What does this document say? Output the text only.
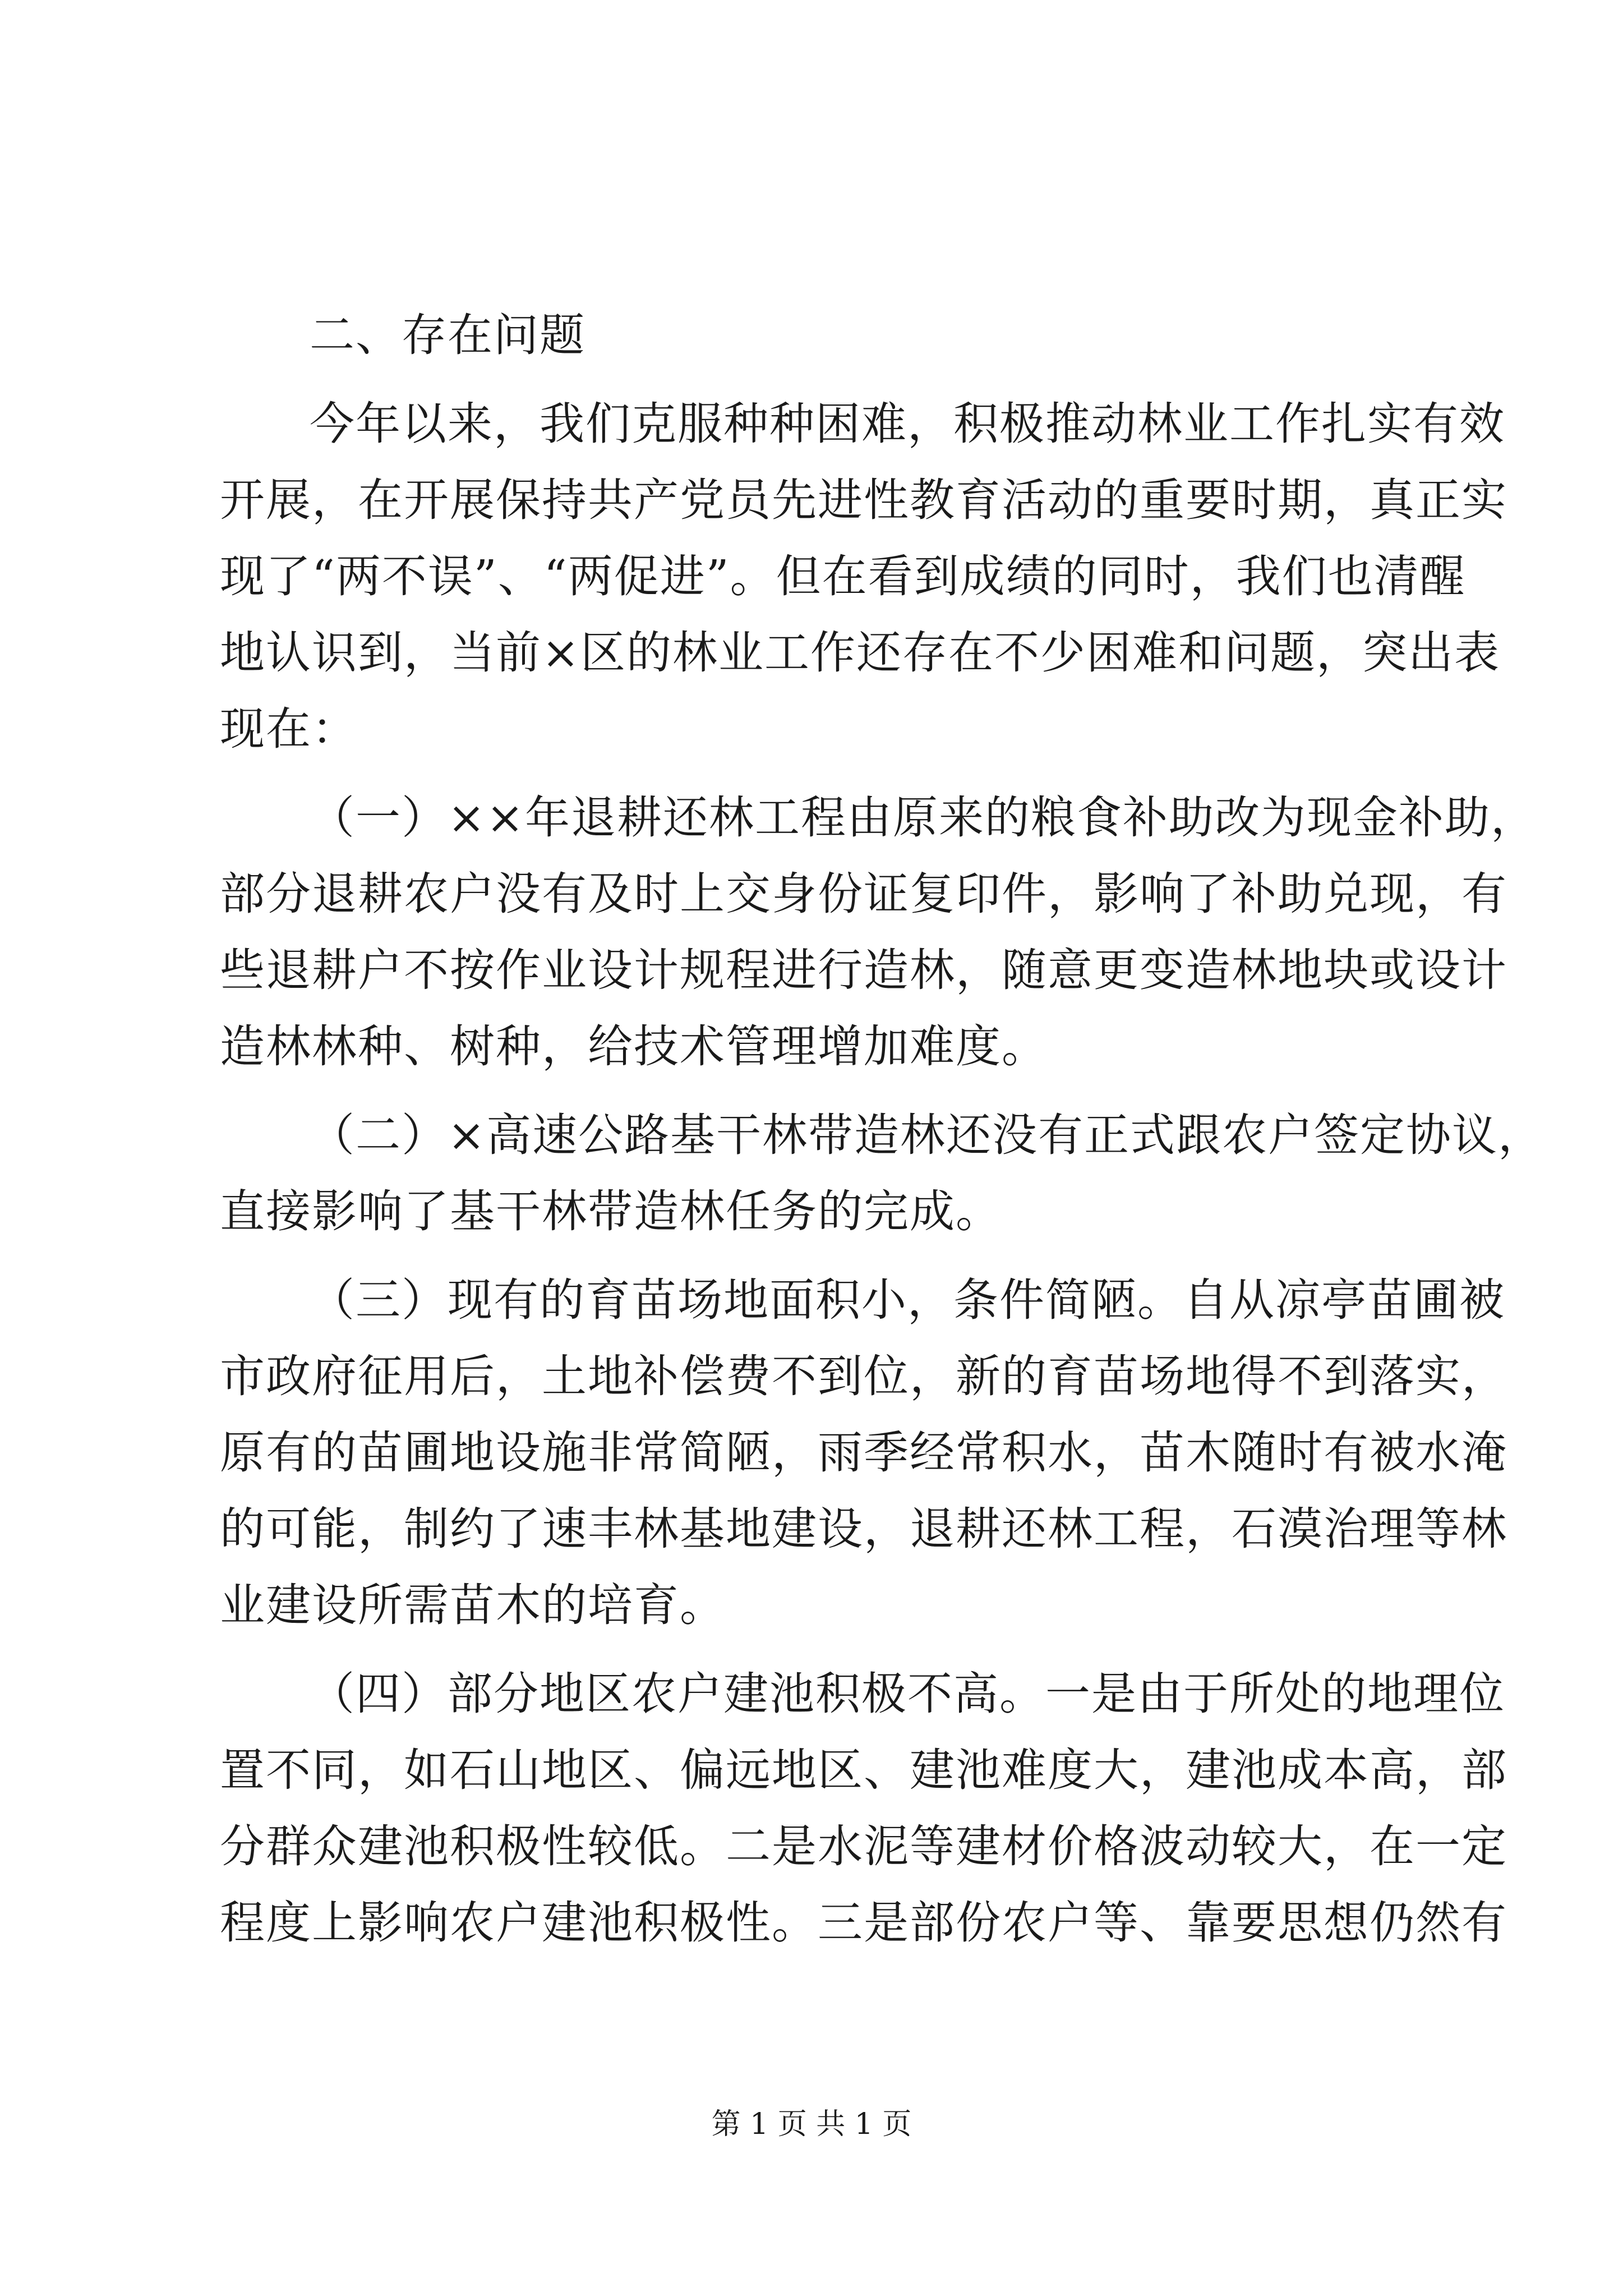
二、存在问题
今年以来，我们克服种种困难，积极推动林业工作扎实有效
开展，在开展保持共产党员先进性教育活动的重要时期，真正实
现了“两不误”、“两促进”。但在看到成绩的同时，我们也清醒
地认识到，当前×区的林业工作还存在不少困难和问题，突出表
现在：
（一）××年退耕还林工程由原来的粮食补助改为现金补助，
部分退耕农户没有及时上交身份证复印件，影响了补助兑现，有
些退耕户不按作业设计规程进行造林，随意更变造林地块或设计
造林林种、树种，给技术管理增加难度。
（二）×高速公路基干林带造林还没有正式跟农户签定协议，
直接影响了基干林带造林任务的完成。
（三）现有的育苗场地面积小，条件简陋。自从凉亭苗圃被
市政府征用后，土地补偿费不到位，新的育苗场地得不到落实，
原有的苗圃地设施非常简陋，雨季经常积水，苗木随时有被水淹
的可能，制约了速丰林基地建设，退耕还林工程，石漠治理等林
业建设所需苗木的培育。
（四）部分地区农户建池积极不高。一是由于所处的地理位
置不同，如石山地区、偏远地区、建池难度大，建池成本高，部
分群众建池积极性较低。二是水泥等建材价格波动较大，在一定
程度上影响农户建池积极性。三是部份农户等、靠要思想仍然有
第 1 页 共 1 页
